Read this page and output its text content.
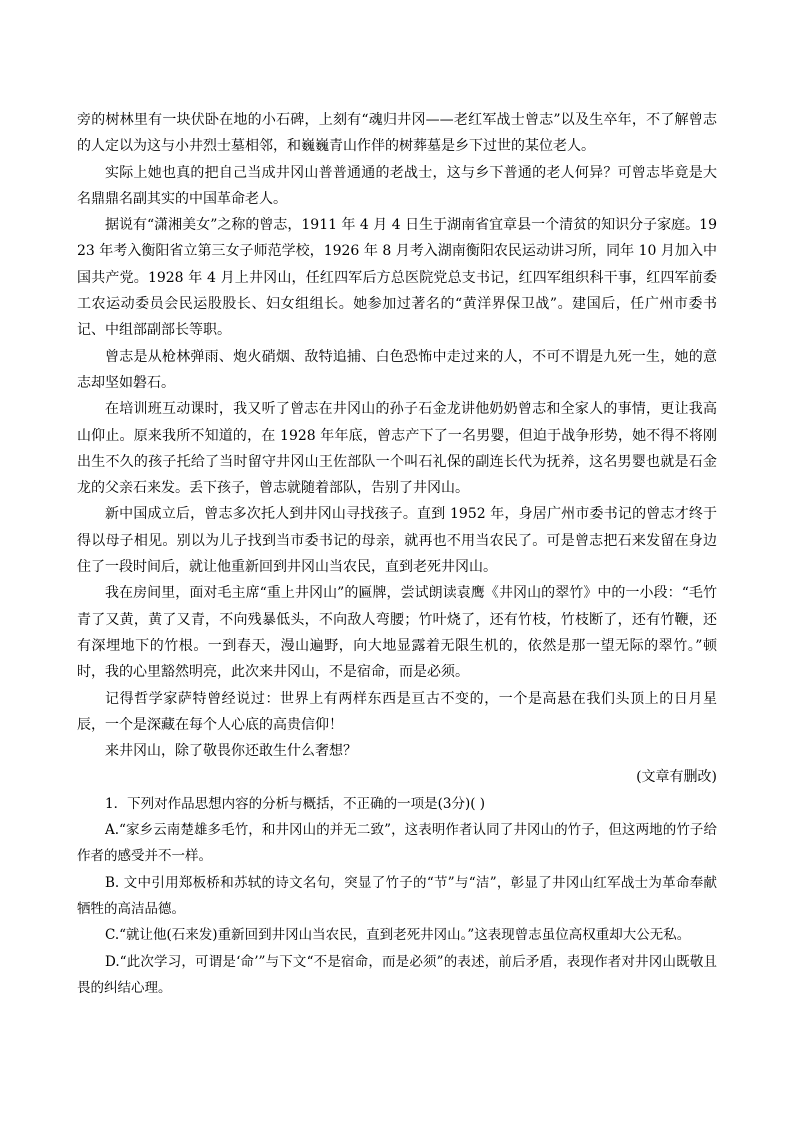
旁的树林里有一块伏卧在地的小石碑，上刻有“魂归井冈——老红军战士曾志”以及生卒年，不了解曾志的人定以为这与小井烈士墓相邻，和巍巍青山作伴的树葬墓是乡下过世的某位老人。

实际上她也真的把自己当成井冈山普普通通的老战士，这与乡下普通的老人何异？可曾志毕竟是大名鼎鼎名副其实的中国革命老人。

据说有“潇湘美女”之称的曾志，1911 年 4 月 4 日生于湖南省宜章县一个清贫的知识分子家庭。1923 年考入衡阳省立第三女子师范学校，1926 年 8 月考入湖南衡阳农民运动讲习所，同年 10 月加入中国共产党。1928 年 4 月上井冈山，任红四军后方总医院党总支书记，红四军组织科干事，红四军前委工农运动委员会民运股股长、妇女组组长。她参加过著名的“黄洋界保卫战”。建国后，任广州市委书记、中组部副部长等职。

曾志是从枪林弹雨、炮火硝烟、敌特追捕、白色恐怖中走过来的人，不可不谓是九死一生，她的意志却坚如磐石。

在培训班互动课时，我又听了曾志在井冈山的孙子石金龙讲他奶奶曾志和全家人的事情，更让我高山仰止。原来我所不知道的，在 1928 年年底，曾志产下了一名男婴，但迫于战争形势，她不得不将刚出生不久的孩子托给了当时留守井冈山王佐部队一个叫石礼保的副连长代为抚养，这名男婴也就是石金龙的父亲石来发。丢下孩子，曾志就随着部队，告别了井冈山。

新中国成立后，曾志多次托人到井冈山寻找孩子。直到 1952 年，身居广州市委书记的曾志才终于得以母子相见。别以为儿子找到当市委书记的母亲，就再也不用当农民了。可是曾志把石来发留在身边住了一段时间后，就让他重新回到井冈山当农民，直到老死井冈山。

我在房间里，面对毛主席“重上井冈山”的匾牌，尝试朗读袁鹰《井冈山的翠竹》中的一小段：“毛竹青了又黄，黄了又青，不向残暴低头，不向敌人弯腰；竹叶烧了，还有竹枝，竹枝断了，还有竹鞭，还有深埋地下的竹根。一到春天，漫山遍野，向大地显露着无限生机的，依然是那一望无际的翠竹。”顿时，我的心里豁然明亮，此次来井冈山，不是宿命，而是必须。

记得哲学家萨特曾经说过：世界上有两样东西是亘古不变的，一个是高悬在我们头顶上的日月星辰，一个是深藏在每个人心底的高贵信仰！

来井冈山，除了敬畏你还敢生什么奢想？

(文章有删改)

1．下列对作品思想内容的分析与概括，不正确的一项是(3分)( )

A.“家乡云南楚雄多毛竹，和井冈山的并无二致”，这表明作者认同了井冈山的竹子，但这两地的竹子给作者的感受并不一样。

B. 文中引用郑板桥和苏轼的诗文名句，突显了竹子的“节”与“洁”，彰显了井冈山红军战士为革命奉献牺牲的高洁品德。

C.“就让他(石来发)重新回到井冈山当农民，直到老死井冈山。”这表现曾志虽位高权重却大公无私。

D.“此次学习，可谓是‘命’”与下文“不是宿命，而是必须”的表述，前后矛盾，表现作者对井冈山既敬且畏的纠结心理。
